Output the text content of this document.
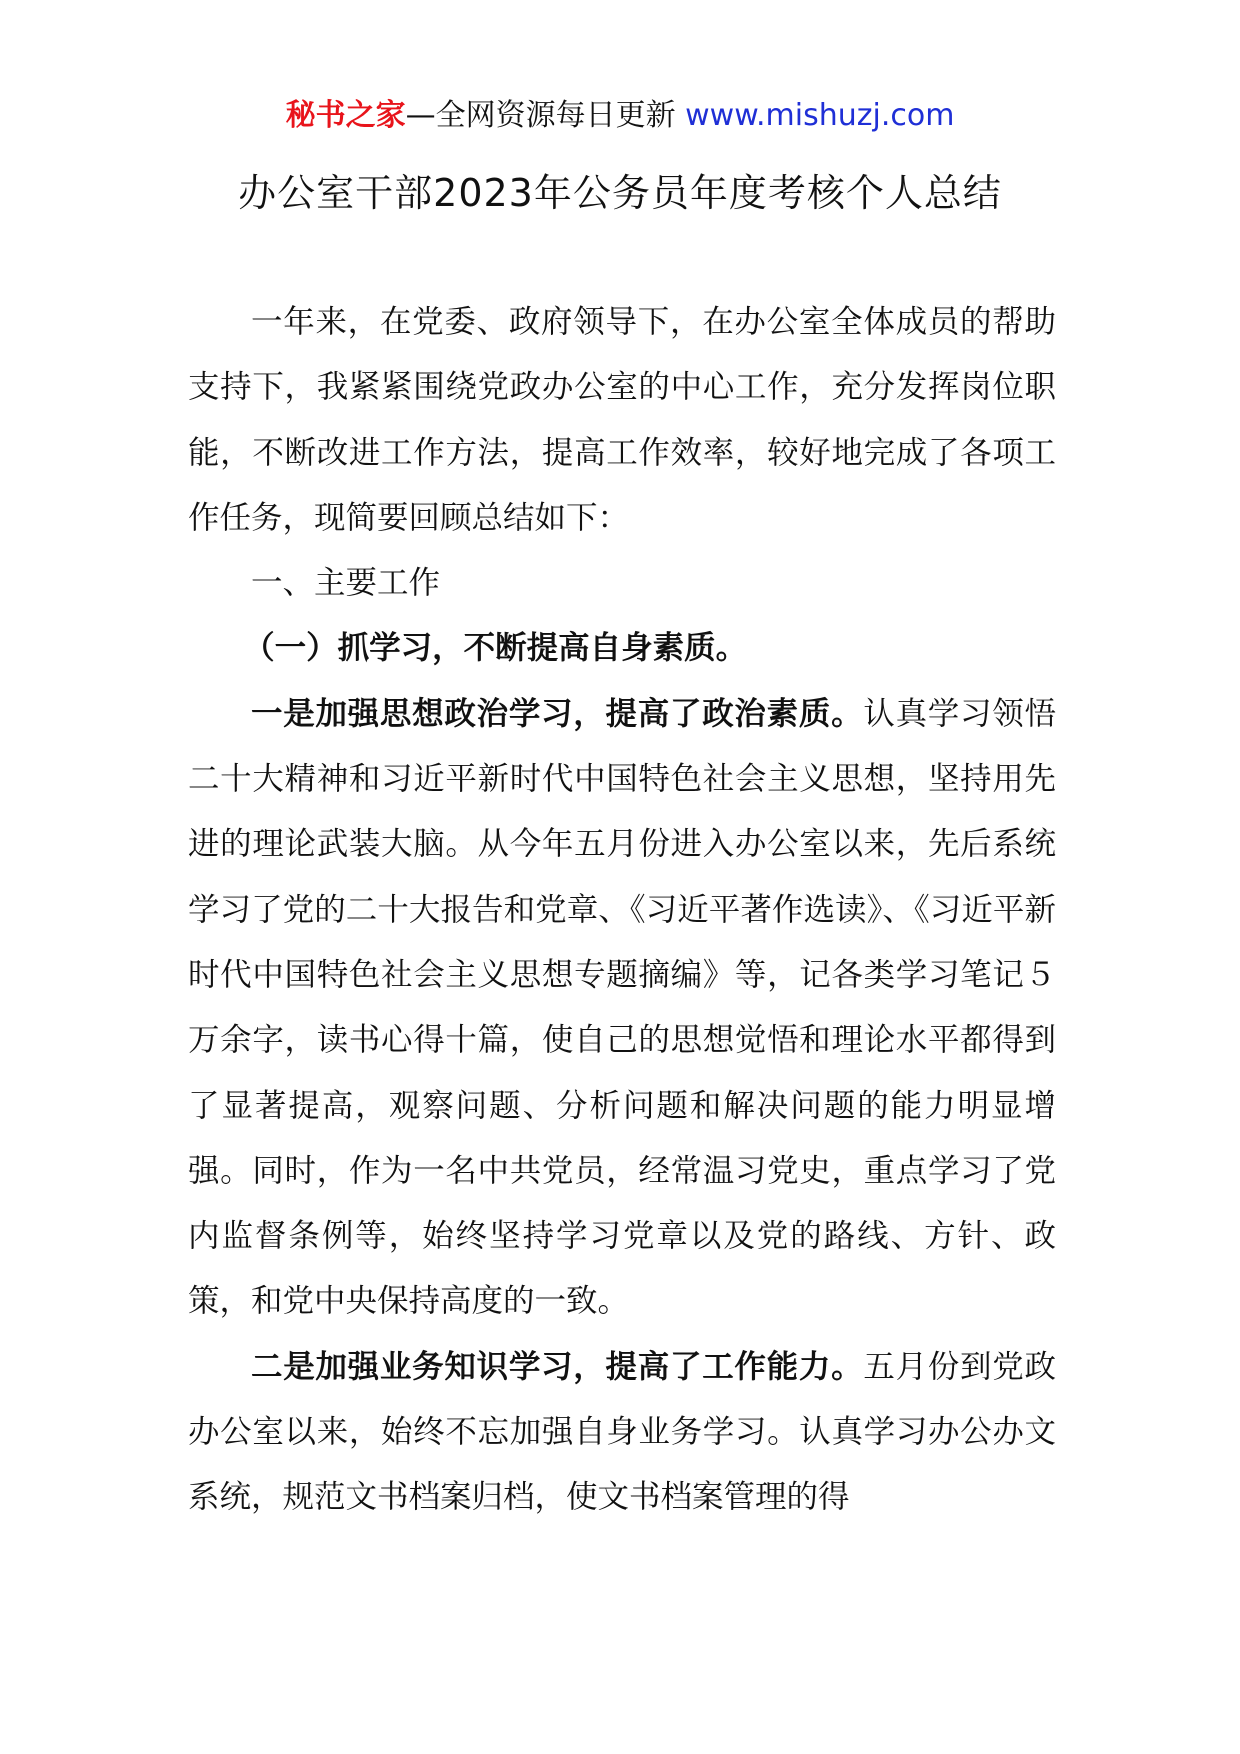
秘书之家—全网资源每日更新 www.mishuzj.com
办公室干部2023年公务员年度考核个人总结

一年来，在党委、政府领导下，在办公室全体成员的帮助支持下，我紧紧围绕党政办公室的中心工作，充分发挥岗位职能，不断改进工作方法，提高工作效率，较好地完成了各项工作任务，现简要回顾总结如下：

一、主要工作

（一）抓学习，不断提高自身素质。

一是加强思想政治学习，提高了政治素质。认真学习领悟二十大精神和习近平新时代中国特色社会主义思想，坚持用先进的理论武装大脑。从今年五月份进入办公室以来，先后系统学习了党的二十大报告和党章、《习近平著作选读》、《习近平新时代中国特色社会主义思想专题摘编》等，记各类学习笔记５万余字，读书心得十篇，使自己的思想觉悟和理论水平都得到了显著提高，观察问题、分析问题和解决问题的能力明显增强。同时，作为一名中共党员，经常温习党史，重点学习了党内监督条例等，始终坚持学习党章以及党的路线、方针、政策，和党中央保持高度的一致。

二是加强业务知识学习，提高了工作能力。五月份到党政办公室以来，始终不忘加强自身业务学习。认真学习办公办文系统，规范文书档案归档，使文书档案管理的得
